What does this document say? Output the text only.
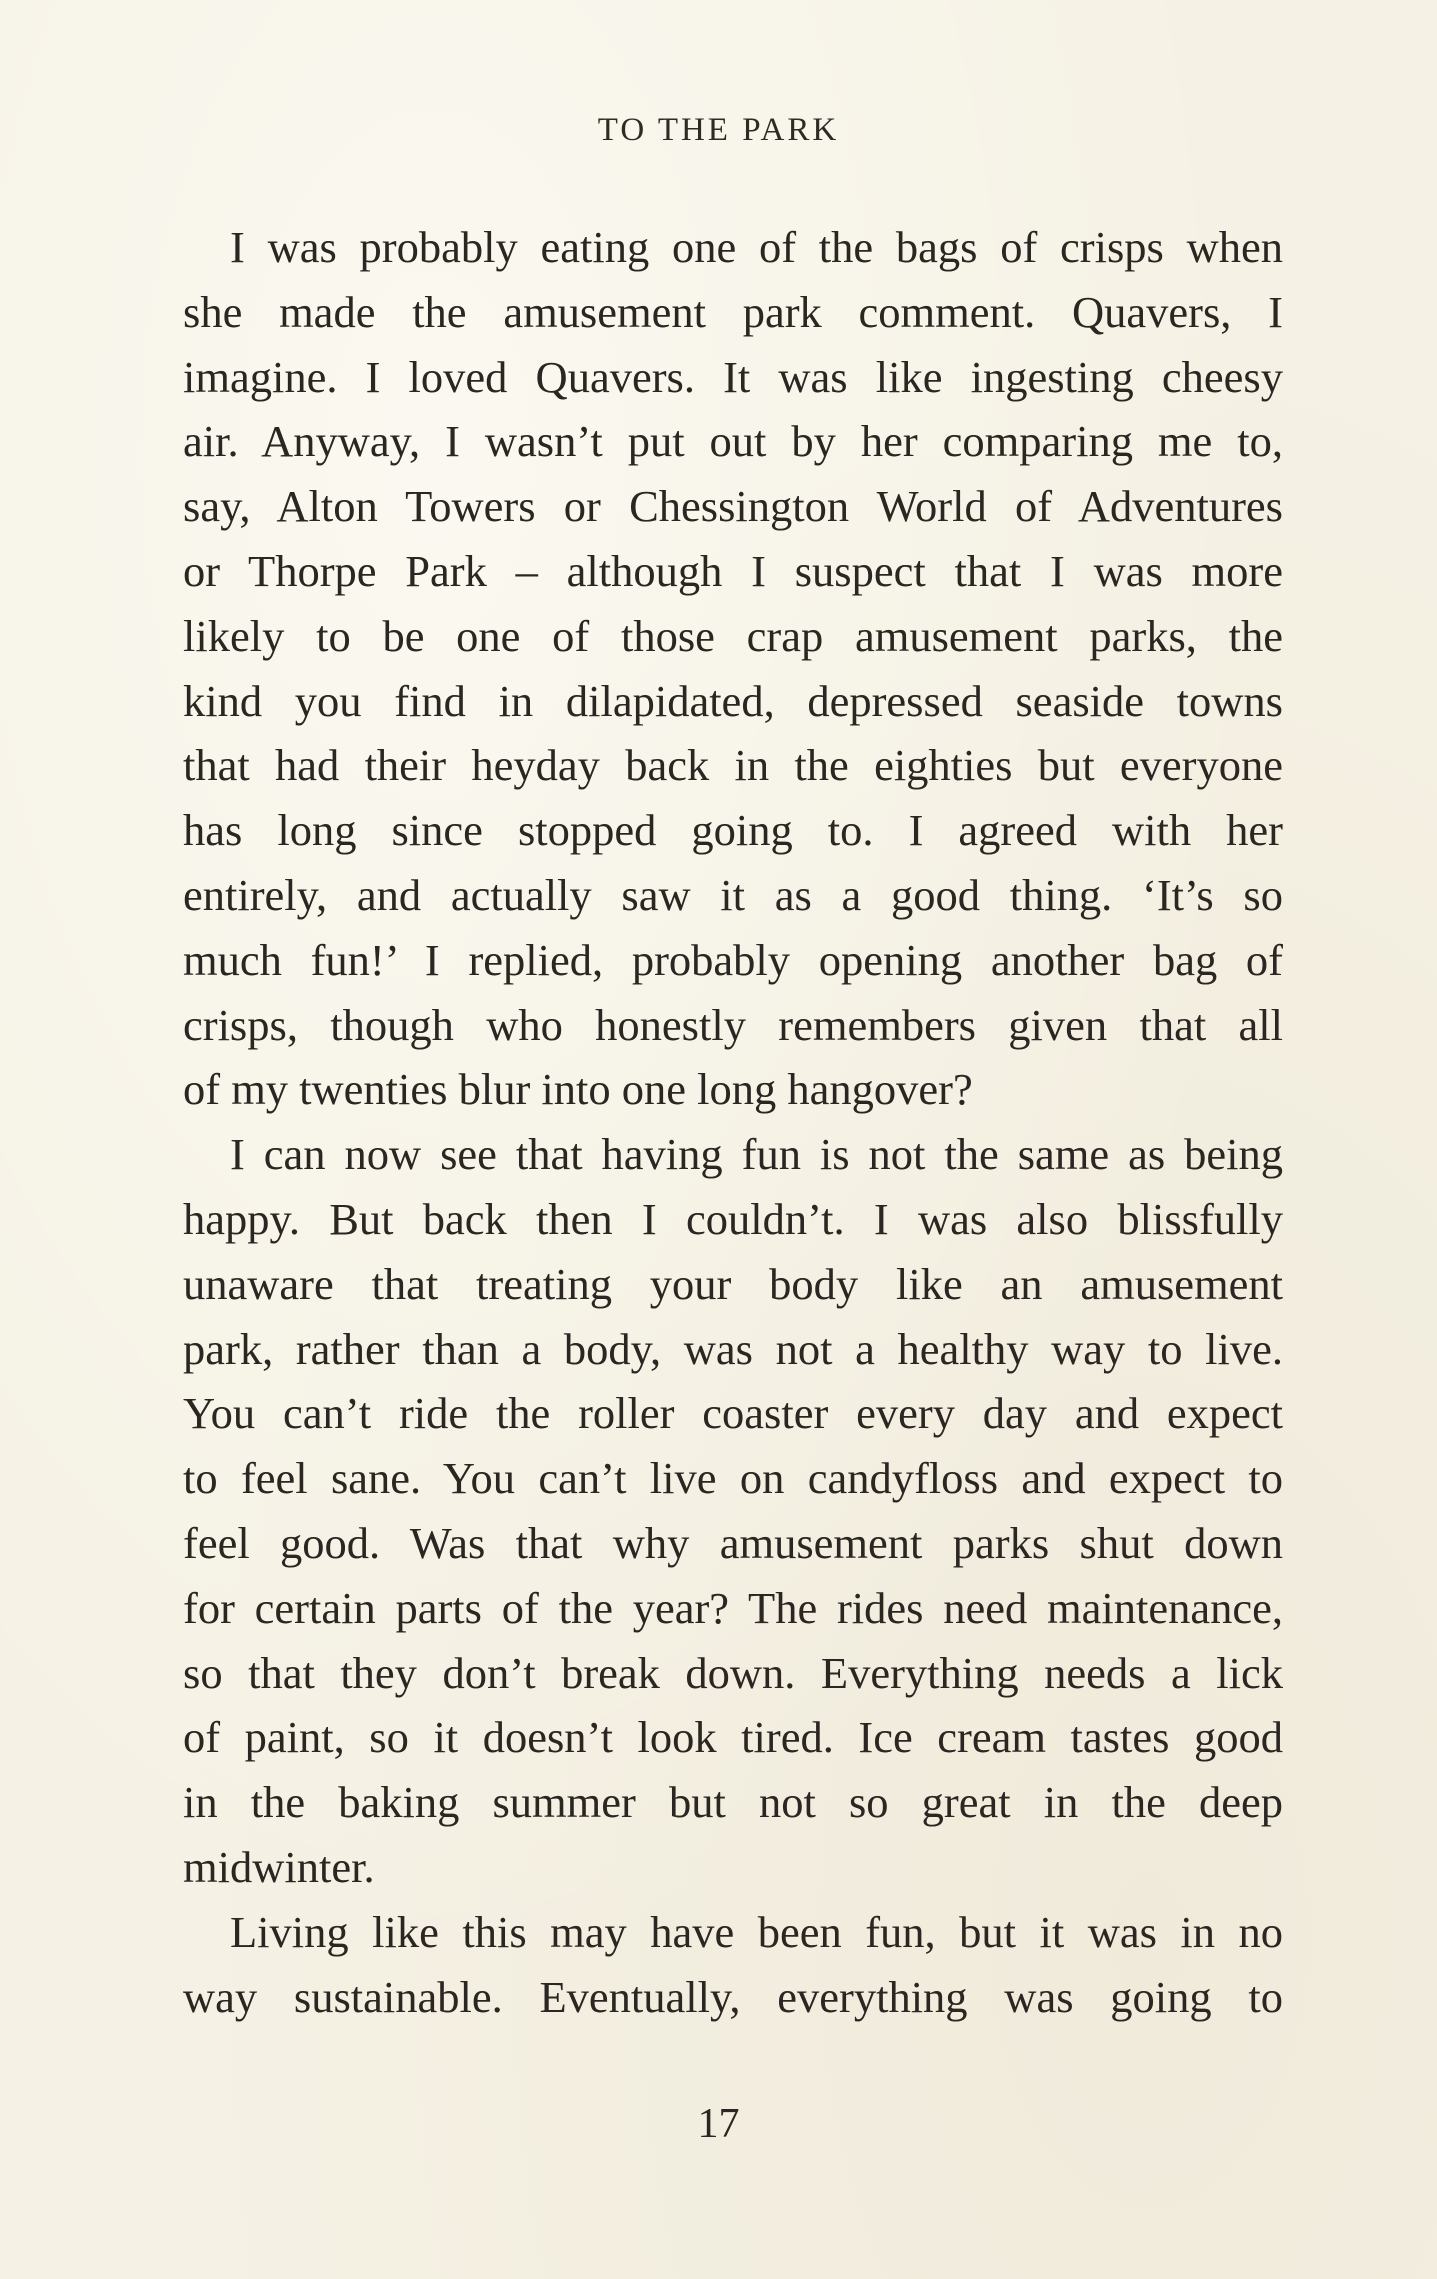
TO THE PARK
I was probably eating one of the bags of crisps when
she made the amusement park comment. Quavers, I
imagine. I loved Quavers. It was like ingesting cheesy
air. Anyway, I wasn’t put out by her comparing me to,
say, Alton Towers or Chessington World of Adventures
or Thorpe Park – although I suspect that I was more
likely to be one of those crap amusement parks, the
kind you find in dilapidated, depressed seaside towns
that had their heyday back in the eighties but everyone
has long since stopped going to. I agreed with her
entirely, and actually saw it as a good thing. ‘It’s so
much fun!’ I replied, probably opening another bag of
crisps, though who honestly remembers given that all
of my twenties blur into one long hangover?
I can now see that having fun is not the same as being
happy. But back then I couldn’t. I was also blissfully
unaware that treating your body like an amusement
park, rather than a body, was not a healthy way to live.
You can’t ride the roller coaster every day and expect
to feel sane. You can’t live on candyfloss and expect to
feel good. Was that why amusement parks shut down
for certain parts of the year? The rides need maintenance,
so that they don’t break down. Everything needs a lick
of paint, so it doesn’t look tired. Ice cream tastes good
in the baking summer but not so great in the deep
midwinter.
Living like this may have been fun, but it was in no
way sustainable. Eventually, everything was going to
17
